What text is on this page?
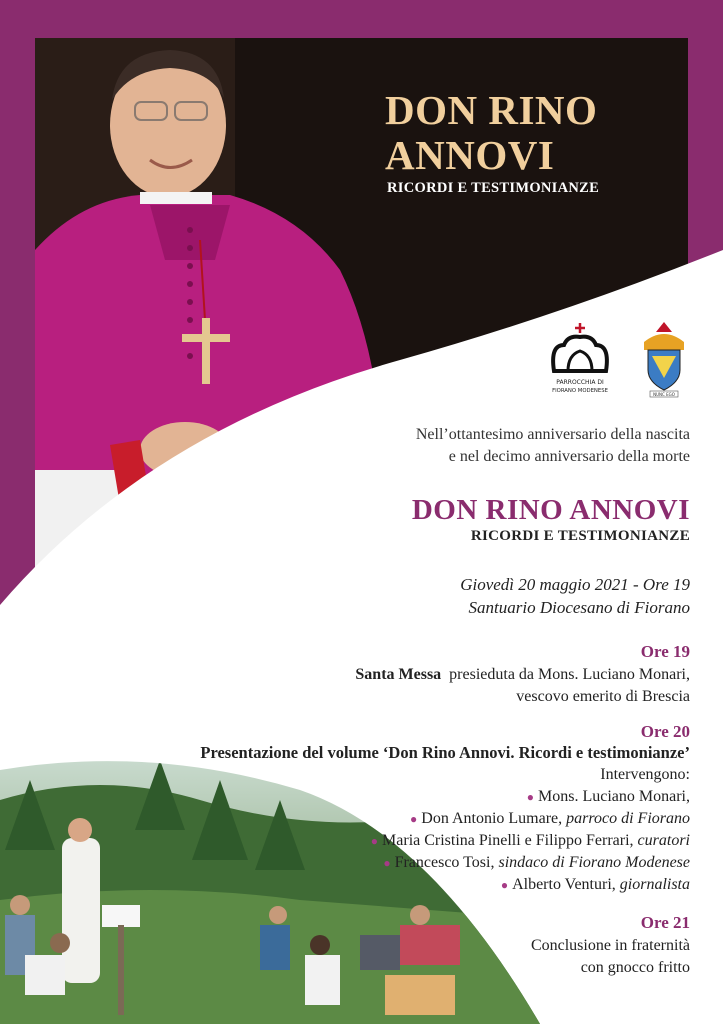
DON RINO
ANNOVI
RICORDI E TESTIMONIANZE
PARROCCHIA DI
FIORANO MODENESE
NUNC EGO
Nell’ottantesimo anniversario della nascita
e nel decimo anniversario della morte
DON RINO ANNOVI
RICORDI E TESTIMONIANZE
Giovedì 20 maggio 2021 - Ore 19
Santuario Diocesano di Fiorano
Ore 19
Santa Messa presieduta da Mons. Luciano Monari,
vescovo emerito di Brescia
Ore 20
Presentazione del volume ‘Don Rino Annovi. Ricordi e testimonianze’
Intervengono:
● Mons. Luciano Monari,
● Don Antonio Lumare, parroco di Fiorano
● Maria Cristina Pinelli e Filippo Ferrari, curatori
● Francesco Tosi, sindaco di Fiorano Modenese
● Alberto Venturi, giornalista
Ore 21
Conclusione in fraternità
con gnocco fritto
